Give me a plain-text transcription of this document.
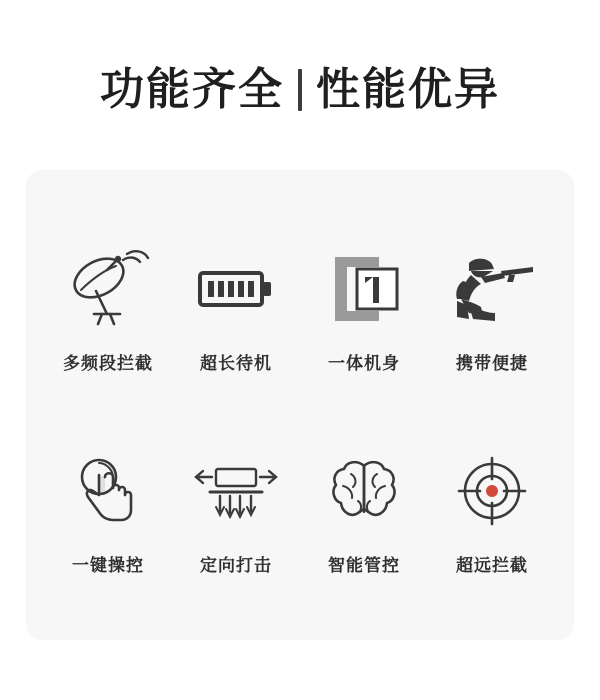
功能齐全 性能优异
多频段拦截	超长待机	一体机身	携带便捷
一键操控	定向打击	智能管控	超远拦截
